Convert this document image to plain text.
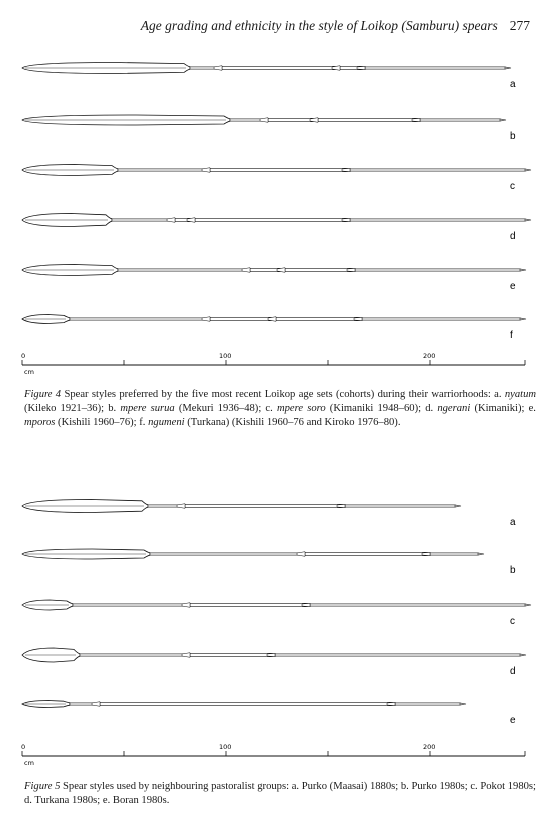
Age grading and ethnicity in the style of Loikop (Samburu) spears 277
a
b
c
d
e
f
0	100	200
cm
Figure 4 Spear styles preferred by the five most recent Loikop age sets (cohorts) during their warriorhoods: a. nyatum (Kileko 1921–36); b. mpere surua (Mekuri 1936–48); c. mpere soro (Kimaniki 1948–60); d. ngerani (Kimaniki); e. mporos (Kishili 1960–76); f. ngumeni (Turkana) (Kishili 1960–76 and Kiroko 1976–80).
a
b
c
d
e
0	100	200
cm
Figure 5 Spear styles used by neighbouring pastoralist groups: a. Purko (Maasai) 1880s; b. Purko 1980s; c. Pokot 1980s; d. Turkana 1980s; e. Boran 1980s.
